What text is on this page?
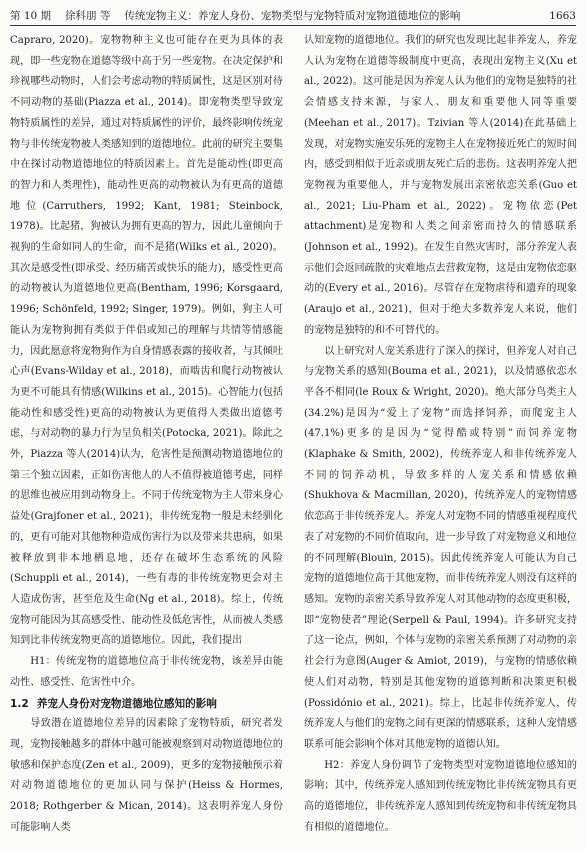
第 10 期 徐科朋 等 传统宠物主义：养宠人身份、宠物类型与宠物特质对宠物道德地位的影响	1663

Capraro, 2020)。宠物物种主义也可能存在更为具体的表现，即一些宠物在道德等级中高于另一些宠物。在决定保护和珍视哪些动物时，人们会考虑动物的特质属性，这是区别对待不同动物的基础(Piazza et al., 2014)。即宠物类型导致宠物特质属性的差异，通过对特质属性的评价，最终影响传统宠物与非传统宠物被人类感知到的道德地位。此前的研究主要集中在探讨动物道德地位的特质因素上。首先是能动性(即更高的智力和人类理性)，能动性更高的动物被认为有更高的道德地位(Carruthers, 1992; Kant, 1981; Steinbock, 1978)。比起猪，狗被认为拥有更高的智力，因此儿童倾向于视狗的生命如同人的生命，而不是猪(Wilks et al., 2020)。其次是感受性(即承受、经历痛苦或快乐的能力)，感受性更高的动物被认为道德地位更高(Bentham, 1996; Korsgaard, 1996; Schönfeld, 1992; Singer, 1979)。例如，狗主人可能认为宠物狗拥有类似于伴侣或知己的理解与共情等情感能力，因此愿意将宠物狗作为自身情感表露的接收者，与其倾吐心声(Evans-Wilday et al., 2018)，而啮齿和爬行动物被认为更不可能具有情感(Wilkins et al., 2015)。心智能力(包括能动性和感受性)更高的动物被认为更值得人类做出道德考虑，与对动物的暴力行为呈负相关(Potocka, 2021)。除此之外，Piazza 等人(2014)认为，危害性是预测动物道德地位的第三个独立因素，正如伤害他人的人不值得被道德考虑，同样的思维也被应用到动物身上。不同于传统宠物为主人带来身心益处(Grajfoner et al., 2021)，非传统宠物一般是未经驯化的，更有可能对其他物种造成伤害行为以及带来共患病，如果被释放到非本地栖息地，还存在破坏生态系统的风险(Schuppli et al., 2014)，一些有毒的非传统宠物更会对主人造成伤害，甚至危及生命(Ng et al., 2018)。综上，传统宠物可能因为其高感受性、能动性及低危害性，从而被人类感知到比非传统宠物更高的道德地位。因此，我们提出

H1：传统宠物的道德地位高于非传统宠物，该差异由能动性、感受性、危害性中介。

1.2 养宠人身份对宠物道德地位感知的影响

导致潜在道德地位差异的因素除了宠物特质，研究者发现，宠物接触越多的群体中越可能被观察到对动物道德地位的敏感和保护态度(Zen et al., 2009)，更多的宠物接触预示着对动物道德地位的更加认同与保护(Heiss & Hormes, 2018; Rothgerber & Mican, 2014)。这表明养宠人身份可能影响人类

认知宠物的道德地位。我们的研究也发现比起非养宠人，养宠人认为宠物在道德等级制度中更高，表现出宠物主义(Xu et al., 2022)。这可能是因为养宠人认为他们的宠物是独特的社会情感支持来源，与家人、朋友和重要他人同等重要(Meehan et al., 2017)。Tzivian 等人(2014)在此基础上发现，对宠物实施安乐死的宠物主人在宠物接近死亡的短时间内，感受到相似于近亲或朋友死亡后的悲伤。这表明养宠人把宠物视为重要他人，并与宠物发展出亲密依恋关系(Guo et al., 2021; Liu-Pham et al., 2022)。宠物依恋(Pet attachment)是宠物和人类之间亲密而持久的情感联系(Johnson et al., 1992)。在发生自然灾害时，部分养宠人表示他们会返回疏散的灾难地点去营救宠物，这是由宠物依恋驱动的(Every et al., 2016)。尽管存在宠物虐待和遗弃的现象(Araujo et al., 2021)，但对于绝大多数养宠人来说，他们的宠物是独特的和不可替代的。

以上研究对人宠关系进行了深入的探讨，但养宠人对自己与宠物关系的感知(Bouma et al., 2021)，以及情感依恋水平各不相同(le Roux & Wright, 2020)。绝大部分鸟类主人(34.2%)是因为“爱上了宠物”而选择饲养，而爬宠主人(47.1%)更多的是因为“觉得酷或特别”而饲养宠物(Klaphake & Smith, 2002)，传统养宠人和非传统养宠人不同的饲养动机，导致多样的人宠关系和情感依赖(Shukhova & Macmillan, 2020)，传统养宠人的宠物情感依恋高于非传统养宠人。养宠人对宠物不同的情感重视程度代表了对宠物的不同价值取向，进一步导致了对宠物意义和地位的不同理解(Blouin, 2015)。因此传统养宠人可能认为自己宠物的道德地位高于其他宠物，而非传统养宠人则没有这样的感知。宠物的亲密关系导致养宠人对其他动物的态度更积极，即“宠物使者”理论(Serpell & Paul, 1994)。许多研究支持了这一论点，例如，个体与宠物的亲密关系预测了对动物的亲社会行为意图(Auger & Amiot, 2019)，与宠物的情感依赖使人们对动物，特别是其他宠物的道德判断和决策更积极(Possidónio et al., 2021)。综上，比起非传统养宠人，传统养宠人与他们的宠物之间有更深的情感联系，这种人宠情感联系可能会影响个体对其他宠物的道德认知。

H2：养宠人身份调节了宠物类型对宠物道德地位感知的影响；其中，传统养宠人感知到传统宠物比非传统宠物具有更高的道德地位，非传统养宠人感知到传统宠物和非传统宠物具有相似的道德地位。
